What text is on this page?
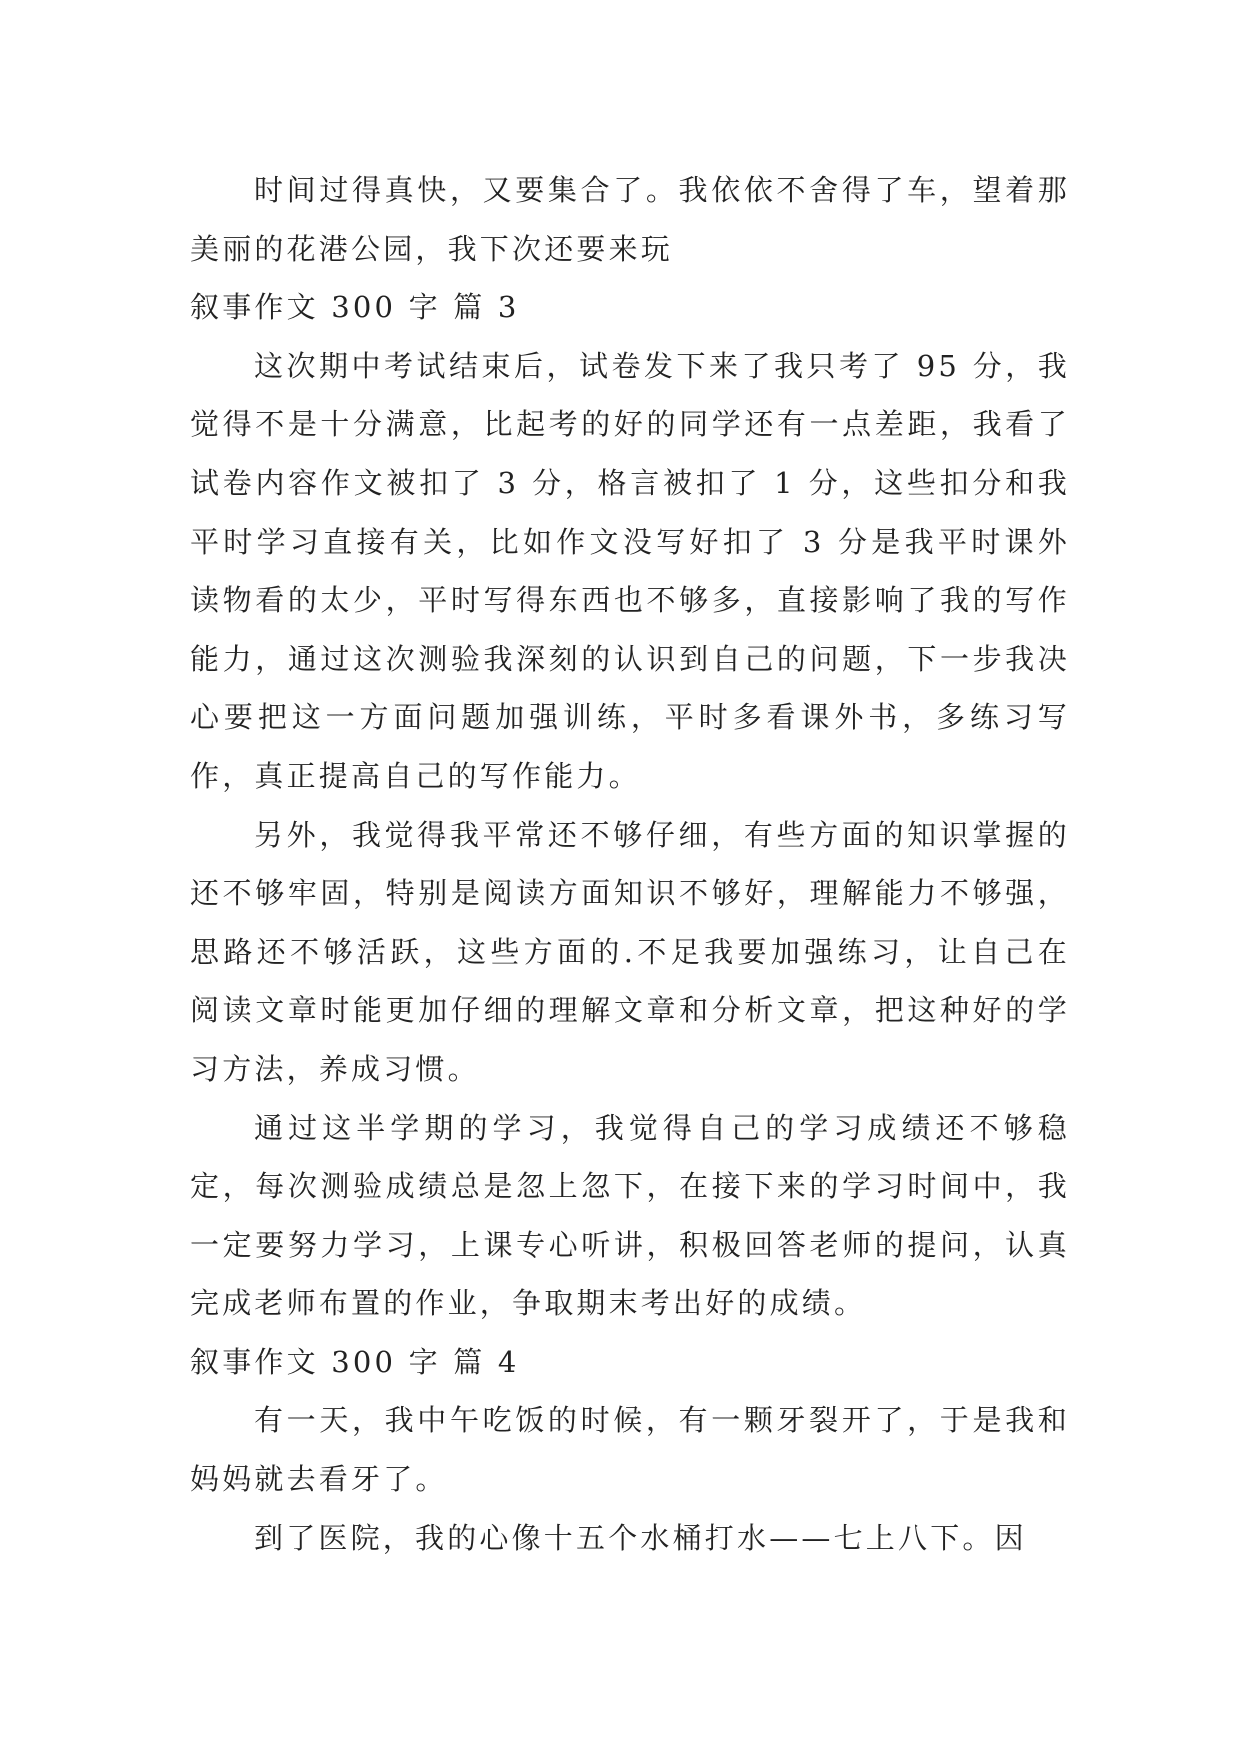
时间过得真快，又要集合了。我依依不舍得了车，望着那美丽的花港公园，我下次还要来玩

叙事作文 300 字 篇 3

这次期中考试结束后，试卷发下来了我只考了 95 分，我觉得不是十分满意，比起考的好的同学还有一点差距，我看了试卷内容作文被扣了 3 分，格言被扣了 1 分，这些扣分和我平时学习直接有关，比如作文没写好扣了 3 分是我平时课外读物看的太少，平时写得东西也不够多，直接影响了我的写作能力，通过这次测验我深刻的认识到自己的问题，下一步我决心要把这一方面问题加强训练，平时多看课外书，多练习写作，真正提高自己的写作能力。

另外，我觉得我平常还不够仔细，有些方面的知识掌握的还不够牢固，特别是阅读方面知识不够好，理解能力不够强，思路还不够活跃，这些方面的.不足我要加强练习，让自己在阅读文章时能更加仔细的理解文章和分析文章，把这种好的学习方法，养成习惯。

通过这半学期的学习，我觉得自己的学习成绩还不够稳定，每次测验成绩总是忽上忽下，在接下来的学习时间中，我一定要努力学习，上课专心听讲，积极回答老师的提问，认真完成老师布置的作业，争取期末考出好的成绩。

叙事作文 300 字 篇 4

有一天，我中午吃饭的时候，有一颗牙裂开了，于是我和妈妈就去看牙了。

到了医院，我的心像十五个水桶打水——七上八下。因
